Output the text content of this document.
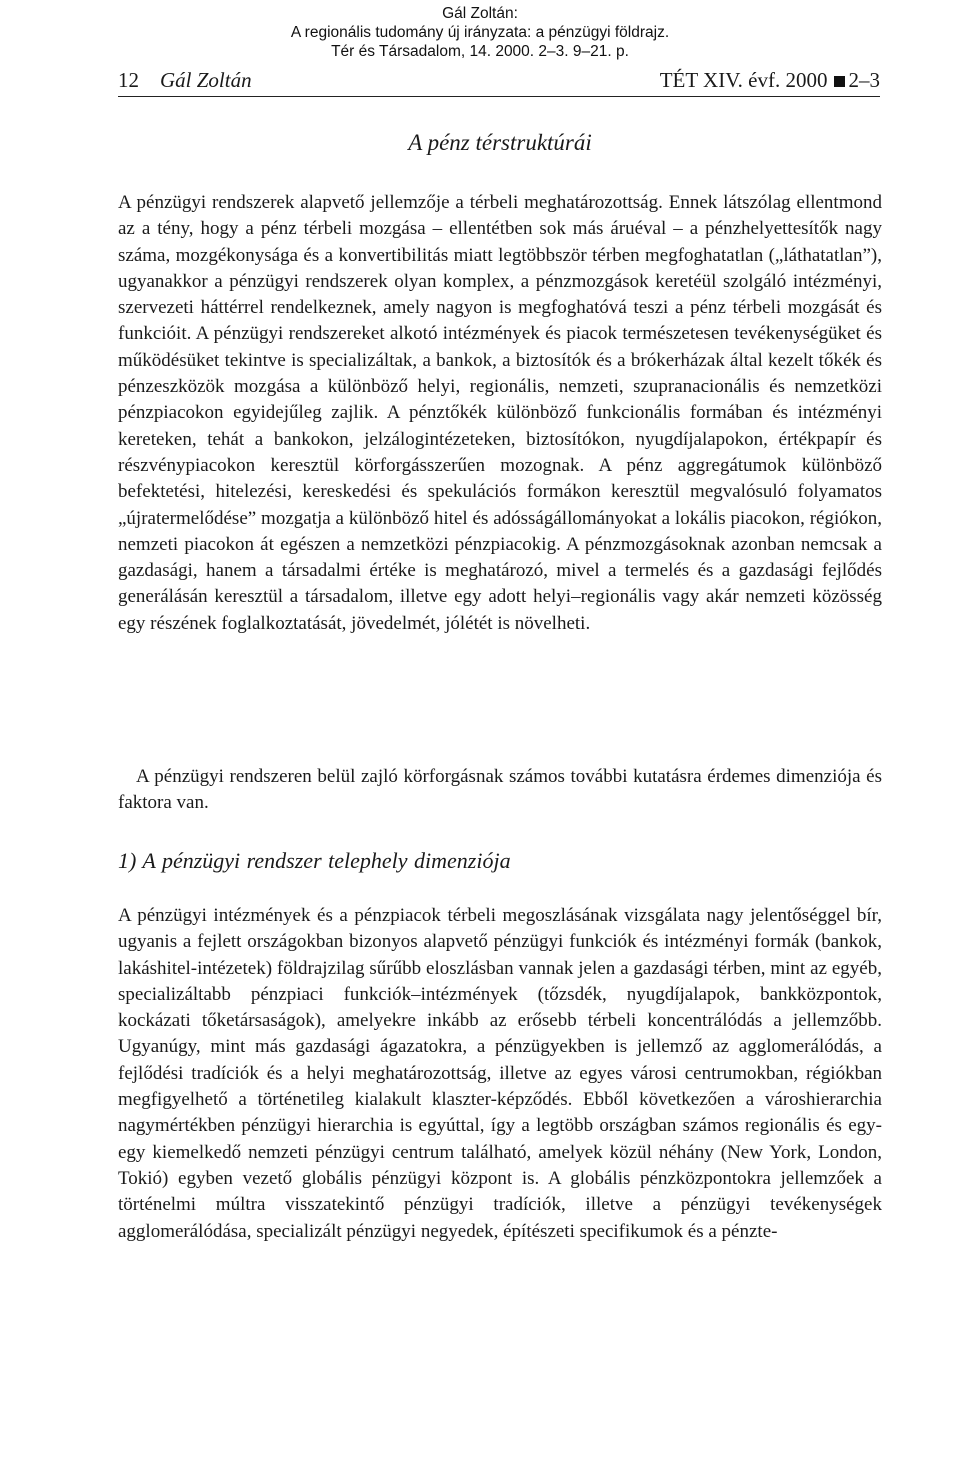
Gál Zoltán:
A regionális tudomány új irányzata: a pénzügyi földrajz.
Tér és Társadalom, 14. 2000. 2–3. 9–21. p.
12 Gál Zoltán	TÉT XIV. évf. 2000 2–3
A pénz térstruktúrái

A pénzügyi rendszerek alapvető jellemzője a térbeli meghatározottság. Ennek látszólag ellentmond az a tény, hogy a pénz térbeli mozgása – ellentétben sok más áruéval – a pénzhelyettesítők nagy száma, mozgékonysága és a konvertibilitás miatt legtöbbször térben megfoghatatlan („láthatatlan”), ugyanakkor a pénzügyi rendszerek olyan komplex, a pénzmozgások keretéül szolgáló intézményi, szervezeti háttérrel rendelkeznek, amely nagyon is megfoghatóvá teszi a pénz térbeli mozgását és funkcióit. A pénzügyi rendszereket alkotó intézmények és piacok természetesen tevékenységüket és működésüket tekintve is specializáltak, a bankok, a biztosítók és a brókerházak által kezelt tőkék és pénzeszközök mozgása a különböző helyi, regionális, nemzeti, szupranacionális és nemzetközi pénzpiacokon egyidejűleg zajlik. A pénztőkék különböző funkcionális formában és intézményi kereteken, tehát a bankokon, jelzálogintézeteken, biztosítókon, nyugdíjalapokon, értékpapír és részvénypiacokon keresztül körforgásszerűen mozognak. A pénz aggregátumok különböző befektetési, hitelezési, kereskedési és spekulációs formákon keresztül megvalósuló folyamatos „újratermelődése” mozgatja a különböző hitel és adósságállományokat a lokális piacokon, régiókon, nemzeti piacokon át egészen a nemzetközi pénzpiacokig. A pénzmozgásoknak azonban nemcsak a gazdasági, hanem a társadalmi értéke is meghatározó, mivel a termelés és a gazdasági fejlődés generálásán keresztül a társadalom, illetve egy adott helyi–regionális vagy akár nemzeti közösség egy részének foglalkoztatását, jövedelmét, jólétét is növelheti.

A pénzügyi rendszeren belül zajló körforgásnak számos további kutatásra érdemes dimenziója és faktora van.

1) A pénzügyi rendszer telephely dimenziója

A pénzügyi intézmények és a pénzpiacok térbeli megoszlásának vizsgálata nagy jelentőséggel bír, ugyanis a fejlett országokban bizonyos alapvető pénzügyi funkciók és intézményi formák (bankok, lakáshitel-intézetek) földrajzilag sűrűbb eloszlásban vannak jelen a gazdasági térben, mint az egyéb, specializáltabb pénzpiaci funkciók–intézmények (tőzsdék, nyugdíjalapok, bankközpontok, kockázati tőketársaságok), amelyekre inkább az erősebb térbeli koncentrálódás a jellemzőbb. Ugyanúgy, mint más gazdasági ágazatokra, a pénzügyekben is jellemző az agglomerálódás, a fejlődési tradíciók és a helyi meghatározottság, illetve az egyes városi centrumokban, régiókban megfigyelhető a történetileg kialakult klaszter-képződés. Ebből következően a városhierarchia nagymértékben pénzügyi hierarchia is egyúttal, így a legtöbb országban számos regionális és egy-egy kiemelkedő nemzeti pénzügyi centrum található, amelyek közül néhány (New York, London, Tokió) egyben vezető globális pénzügyi központ is. A globális pénzközpontokra jellemzőek a történelmi múltra visszatekintő pénzügyi tradíciók, illetve a pénzügyi tevékenységek agglomerálódása, specializált pénzügyi negyedek, építészeti specifikumok és a pénzte-
